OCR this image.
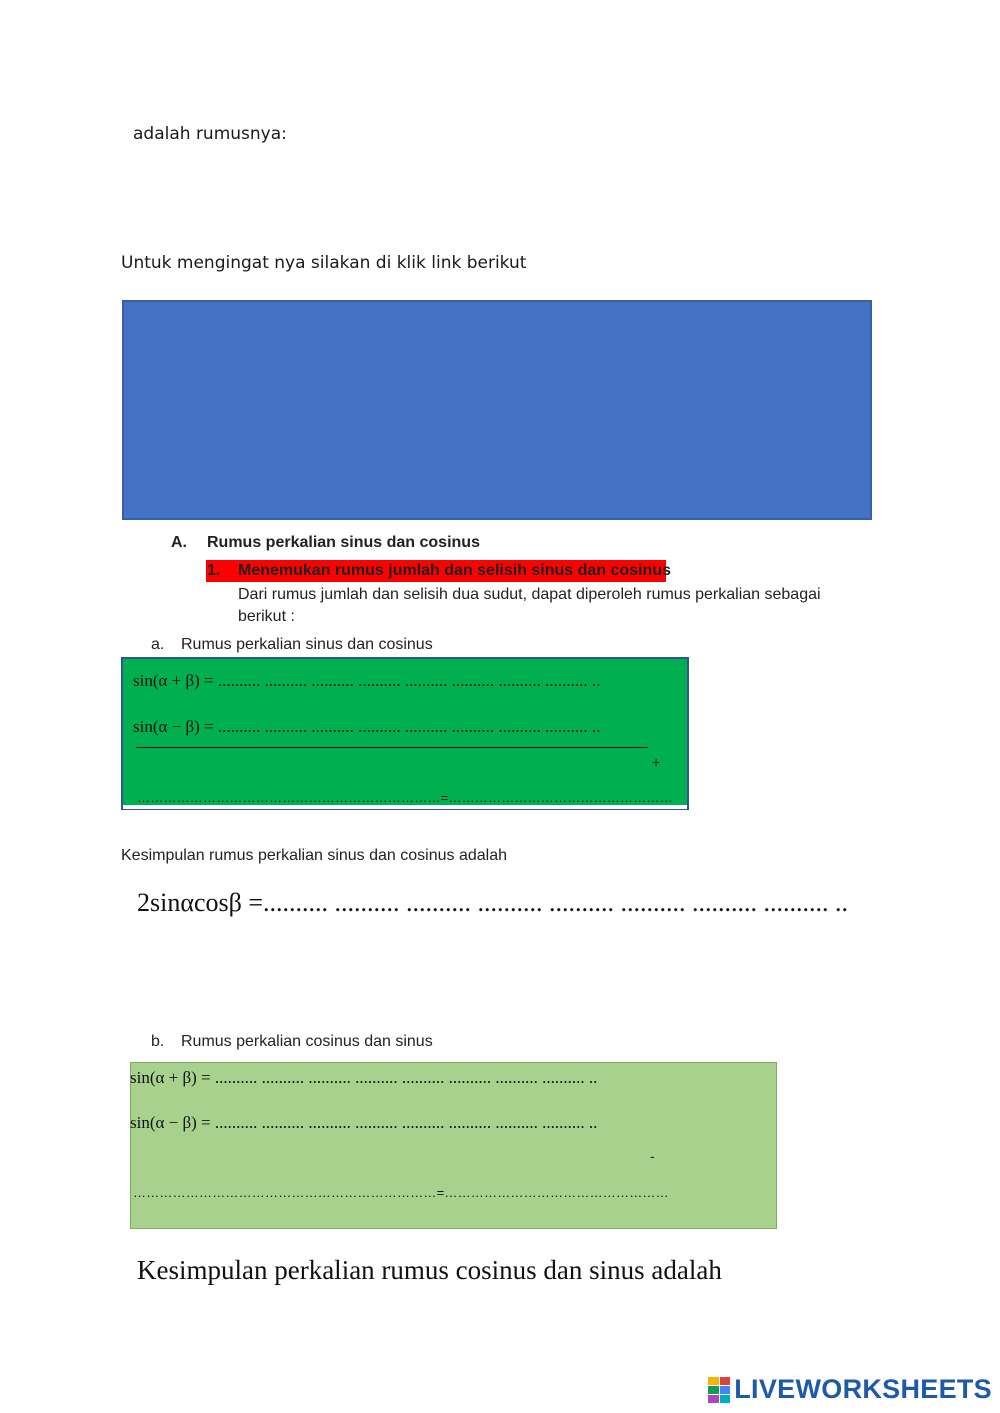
adalah rumusnya:
Untuk mengingat nya silakan di klik link berikut
A. Rumus perkalian sinus dan cosinus
1. Menemukan rumus jumlah dan selisih sinus dan cosinus
Dari rumus jumlah dan selisih dua sudut, dapat diperoleh rumus perkalian sebagai
berikut :
a. Rumus perkalian sinus dan cosinus
sin(α + β) = .......... .......... .......... .......... .......... .......... .......... .......... ..
sin(α − β) = .......... .......... .......... .......... .......... .......... .......... .......... ..
+
……………………………………………………………=……………………………………………
Kesimpulan rumus perkalian sinus dan cosinus adalah
2sinαcosβ =.......... .......... .......... .......... .......... .......... .......... .......... ..
b. Rumus perkalian cosinus dan sinus
sin(α + β) = .......... .......... .......... .......... .......... .......... .......... .......... ..
sin(α − β) = .......... .......... .......... .......... .......... .......... .......... .......... ..
-
……………………………………………………………=……………………………………………
Kesimpulan perkalian rumus cosinus dan sinus adalah
LIVEWORKSHEETS
